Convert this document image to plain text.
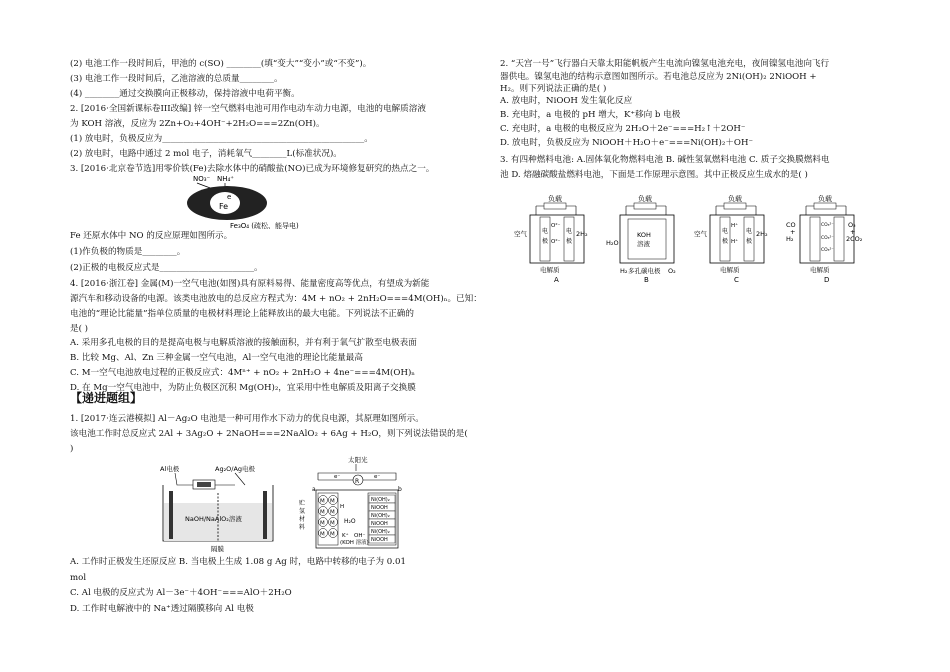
(2) 电池工作一段时间后，甲池的 c(SO) ________(填“变大”“变小”或“不变”)。
(3) 电池工作一段时间后，乙池溶液的总质量________。
(4) ________通过交换膜向正极移动，保持溶液中电荷平衡。
2. [2016·全国新课标卷III改编] 锌一空气燃料电池可用作电动车动力电源，电池的电解质溶液
为 KOH 溶液，反应为 2Zn+O₂+4OH⁻+2H₂O===2Zn(OH)。
(1) 放电时，负极反应为_______________________________________________。
(2) 放电时，电路中通过 2 mol 电子，消耗氧气________L(标准状况)。
3. [2016·北京卷节选]用零价铁(Fe)去除水体中的硝酸盐(NO)已成为环境修复研究的热点之一。
NO₃⁻ NH₄⁺
e
Fe
Fe₃O₄ (疏松、能导电)
Fe 还原水体中 NO 的反应原理如图所示。
(1)作负极的物质是________。
(2)正极的电极反应式是______________________。
4. [2016·浙江卷] 金属(M)一空气电池(如图)具有原料易得、能量密度高等优点，有望成为新能
源汽车和移动设备的电源。该类电池放电的总反应方程式为：4M + nO₂ + 2nH₂O===4M(OH)ₙ。已知：
电池的“理论比能量”指单位质量的电极材料理论上能释放出的最大电能。下列说法不正确的
是( )
A. 采用多孔电极的目的是提高电极与电解质溶液的接触面积，并有利于氧气扩散至电极表面
B. 比较 Mg、Al、Zn 三种金属一空气电池，Al一空气电池的理论比能量最高
C. M一空气电池放电过程的正极反应式：4Mⁿ⁺ + nO₂ + 2nH₂O + 4ne⁻===4M(OH)ₙ
D. 在 Mg一空气电池中，为防止负极区沉积 Mg(OH)₂，宜采用中性电解质及阳离子交换膜
【递进题组】
1. [2017·连云港模拟] Al－Ag₂O 电池是一种可用作水下动力的优良电源，其原理如图所示。
该电池工作时总反应式 2Al + 3Ag₂O + 2NaOH===2NaAlO₂ + 6Ag + H₂O，则下列说法错误的是(
)
Al电极	Ag₂O/Ag电极
NaOH/NaAlO₂溶液
隔膜
太阳光
R
e⁻	e⁻
a	b
贮
氢
材
料
M M
M M
M M
M M
H
H₂O
K⁺ OH⁻
(KOH 溶液)
Ni(OH)₂
NiOOH
Ni(OH)₂
NiOOH
Ni(OH)₂
NiOOH
A. 工作时正极发生还原反应 B. 当电极上生成 1.08 g Ag 时，电路中转移的电子为 0.01
mol
C. Al 电极的反应式为 Al－3e⁻＋4OH⁻===AlO＋2H₂O
D. 工作时电解液中的 Na⁺透过隔膜移向 Al 电极
2. “天宫一号”飞行器白天靠太阳能帆板产生电流向镍氢电池充电，夜间镍氢电池向飞行
器供电。镍氢电池的结构示意图如图所示。若电池总反应为 2Ni(OH)₂ 2NiOOH +
H₂。则下列说法正确的是( )
A. 放电时，NiOOH 发生氧化反应
B. 充电时，a 电极的 pH 增大，K⁺移向 b 电极
C. 充电时，a 电极的电极反应为 2H₂O＋2e⁻===H₂↑＋2OH⁻
D. 放电时，负极反应为 NiOOH＋H₂O＋e⁻===Ni(OH)₂＋OH⁻
3. 有四种燃料电池: A.固体氧化物燃料电池 B. 碱性氢氧燃料电池 C. 质子交换膜燃料电
池 D. 熔融碳酸盐燃料电池，下面是工作原理示意图。其中正极反应生成水的是( )
负载
电
极
电
极
O²⁻
O²⁻
空气	2H₂
电解质
A
负载
KOH
溶液
H₂O
H₂	O₂
多孔碳电极
B
负载
电
极
电
极
H⁺
H⁺
空气	2H₂
电解质
C
负载
CO
+
H₂
CO₃²⁻
CO₃²⁻
CO₃²⁻
O₂
+
2CO₂
电解质
D
